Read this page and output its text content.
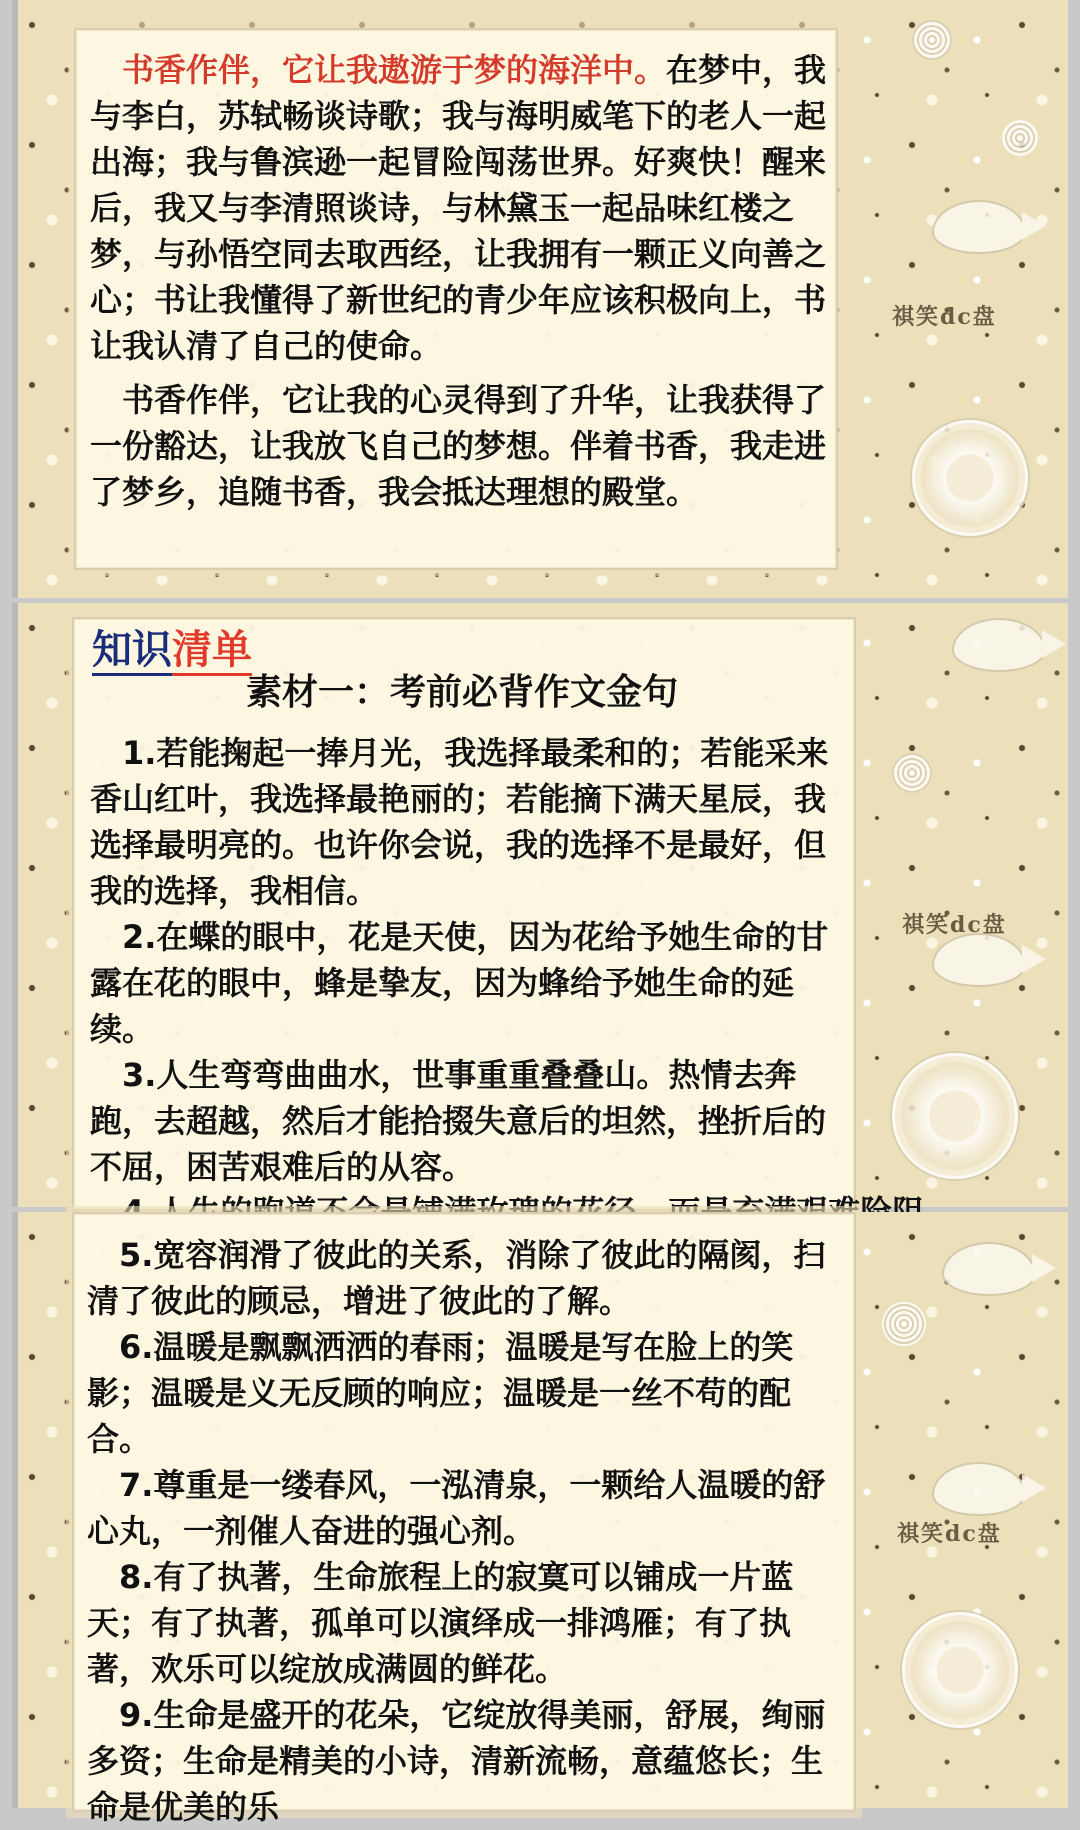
祺笑dc盘

书香作伴，它让我遨游于梦的海洋中。在梦中，我与李白，苏轼畅谈诗歌；我与海明威笔下的老人一起出海；我与鲁滨逊一起冒险闯荡世界。好爽快！醒来后，我又与李清照谈诗，与林黛玉一起品味红楼之梦，与孙悟空同去取西经，让我拥有一颗正义向善之心；书让我懂得了新世纪的青少年应该积极向上，书让我认清了自己的使命。

书香作伴，它让我的心灵得到了升华，让我获得了一份豁达，让我放飞自己的梦想。伴着书香，我走进了梦乡，追随书香，我会抵达理想的殿堂。

祺笑dc盘
知识清单
素材一：考前必背作文金句

1.若能掬起一捧月光，我选择最柔和的；若能采来香山红叶，我选择最艳丽的；若能摘下满天星辰，我选择最明亮的。也许你会说，我的选择不是最好，但我的选择，我相信。

2.在蝶的眼中，花是天使，因为花给予她生命的甘露在花的眼中，蜂是挚友，因为蜂给予她生命的延续。

3.人生弯弯曲曲水，世事重重叠叠山。热情去奔跑，去超越，然后才能拾掇失意后的坦然，挫折后的不屈，困苦艰难后的从容。

祺笑dc盘

5.宽容润滑了彼此的关系，消除了彼此的隔阂，扫清了彼此的顾忌，增进了彼此的了解。

6.温暖是飘飘洒洒的春雨；温暖是写在脸上的笑影；温暖是义无反顾的响应；温暖是一丝不苟的配合。

7.尊重是一缕春风，一泓清泉，一颗给人温暖的舒心丸，一剂催人奋进的强心剂。

8.有了执著，生命旅程上的寂寞可以铺成一片蓝天；有了执著，孤单可以演绎成一排鸿雁；有了执著，欢乐可以绽放成满圆的鲜花。

9.生命是盛开的花朵，它绽放得美丽，舒展，绚丽多资；生命是精美的小诗，清新流畅，意蕴悠长；生命是优美的乐
